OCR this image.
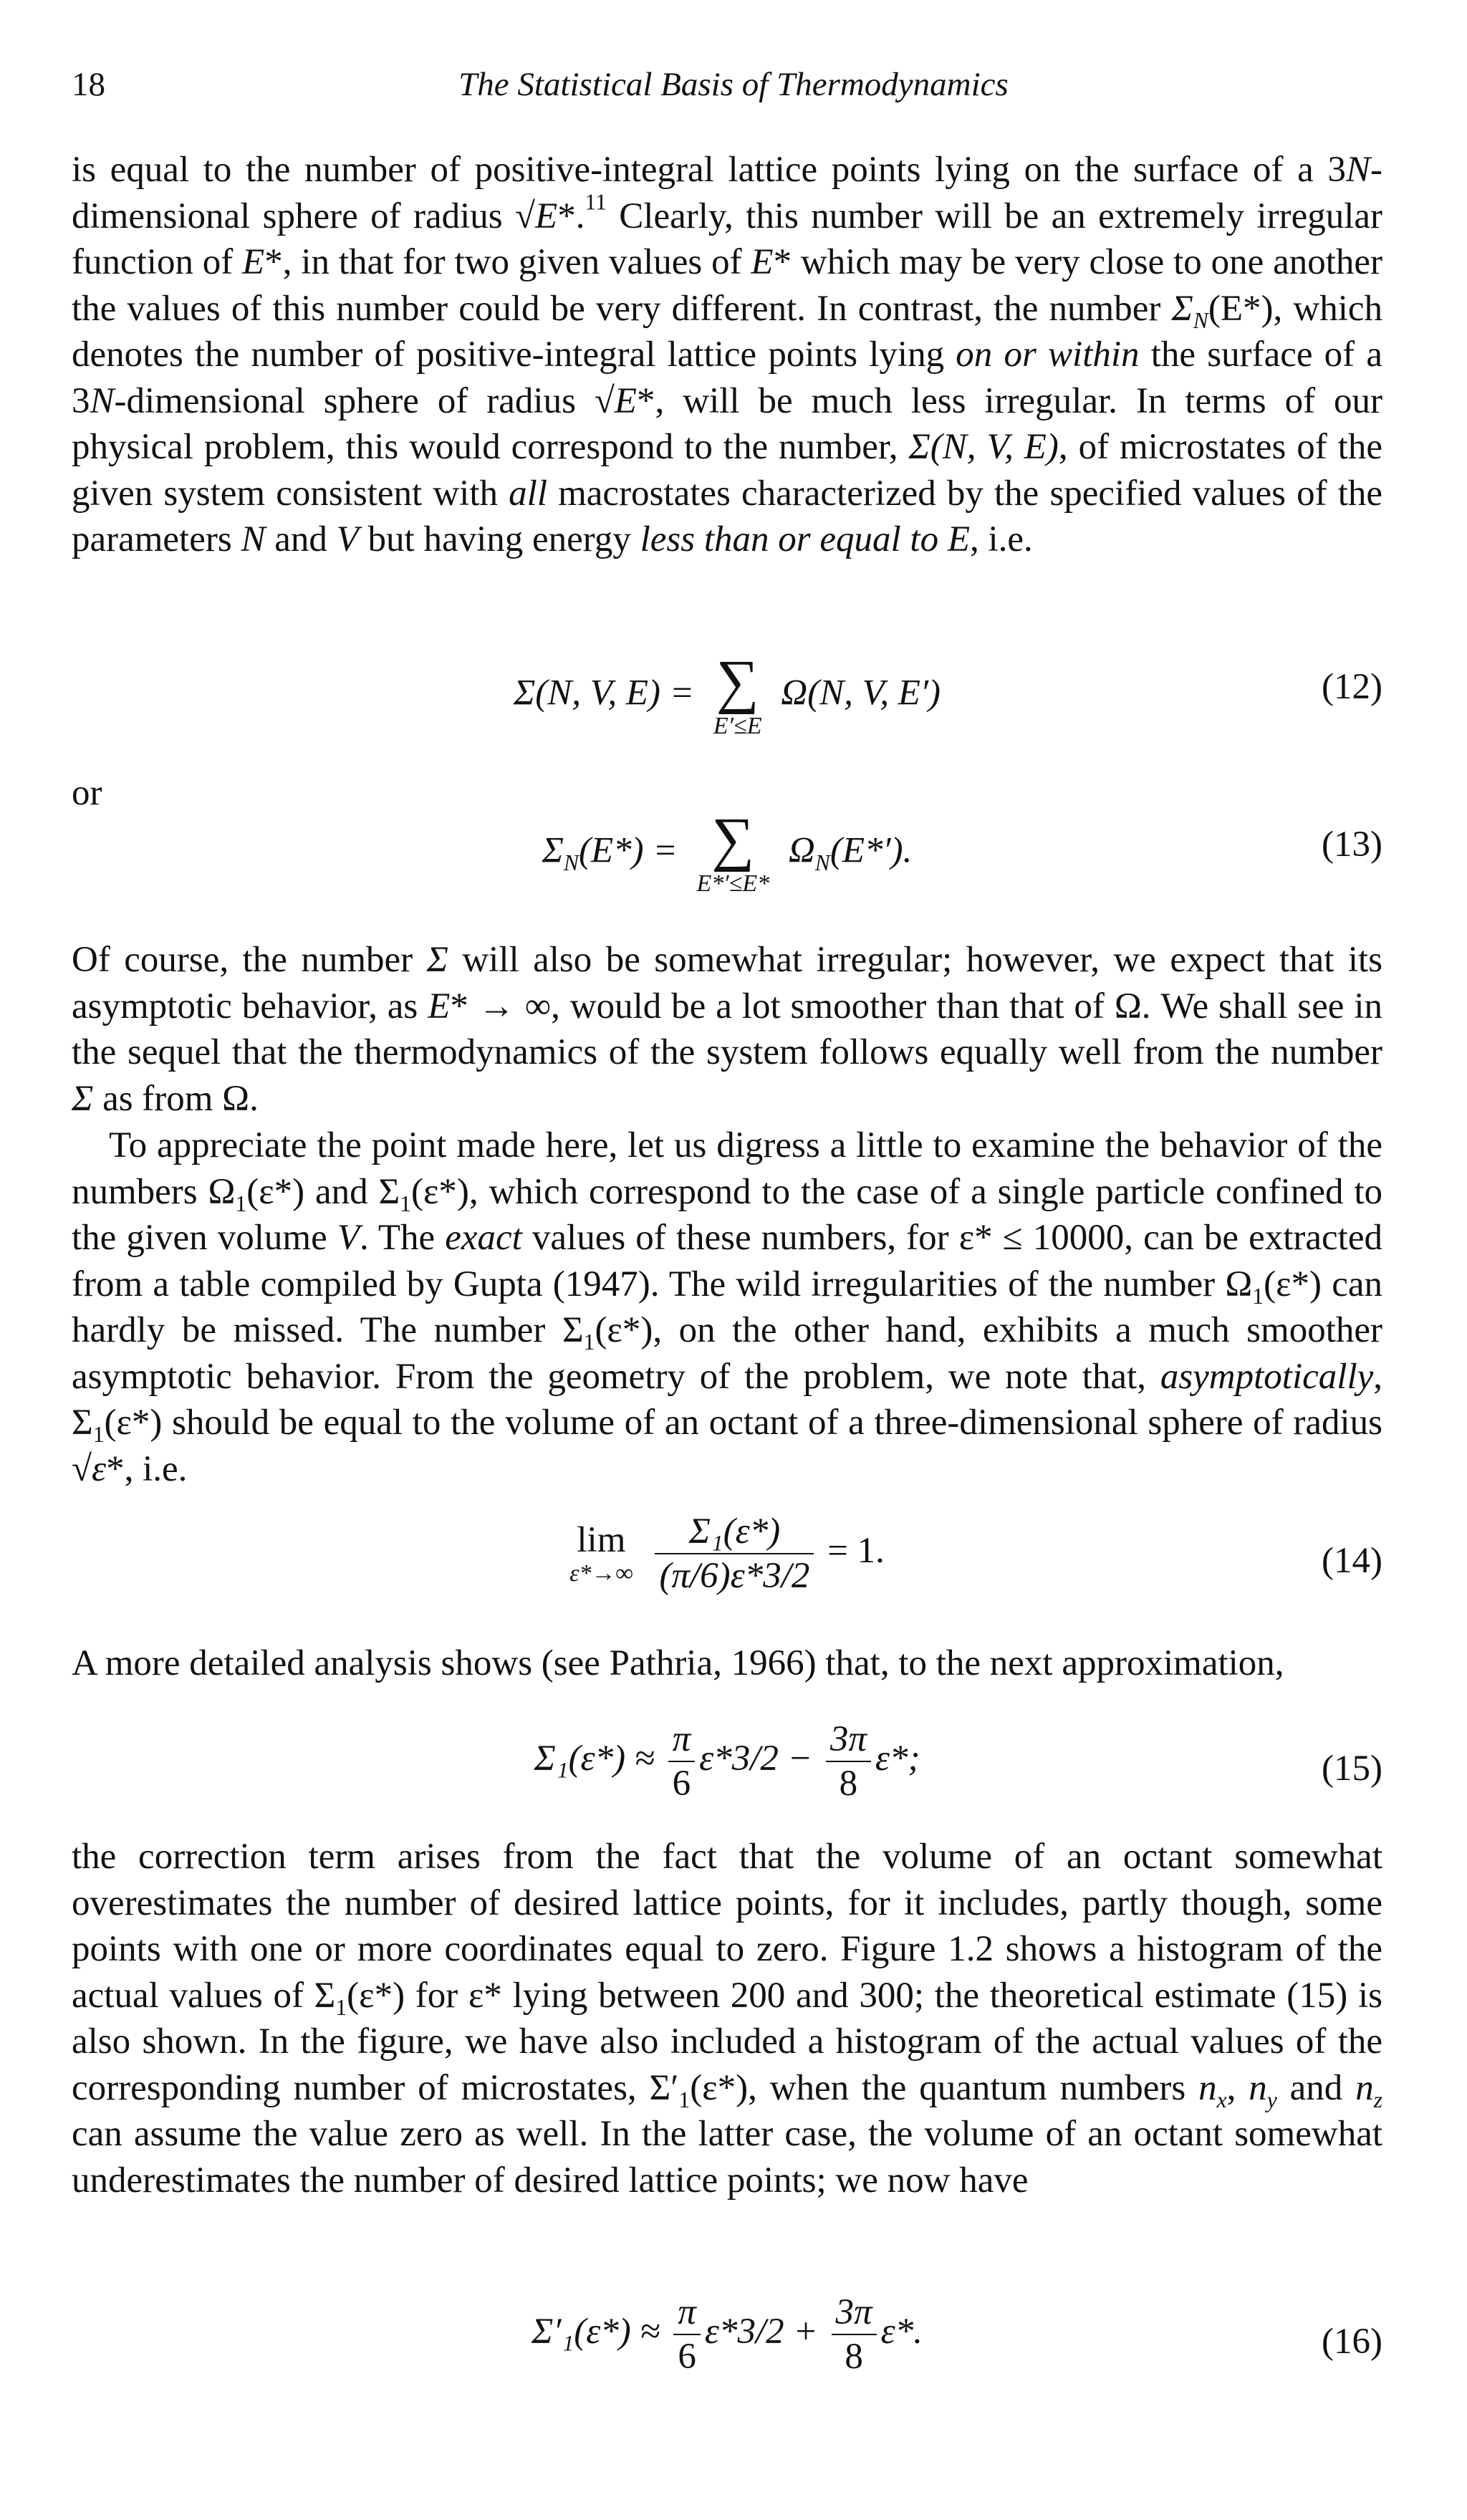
18	The Statistical Basis of Thermodynamics

is equal to the number of positive-integral lattice points lying on the surface of a 3N-dimensional sphere of radius √E*.$^{11}$ Clearly, this number will be an extremely irregular function of E*, in that for two given values of E* which may be very close to one another the values of this number could be very different. In contrast, the number $\Sigma_N(E*)$, which denotes the number of positive-integral lattice points lying on or within the surface of a 3N-dimensional sphere of radius √E*, will be much less irregular. In terms of our physical problem, this would correspond to the number, Σ(N, V, E), of microstates of the given system consistent with all macrostates characterized by the specified values of the parameters N and V but having energy less than or equal to E, i.e.

Σ(N, V, E) = ∑
E′≤E
Ω(N, V, E′)	(12)

or

$\Sigma_N(E*)$ = ∑
E*′≤E*
$\Omega_N(E*')$.	(13)

Of course, the number Σ will also be somewhat irregular; however, we expect that its asymptotic behavior, as E* → ∞, would be a lot smoother than that of Ω. We shall see in the sequel that the thermodynamics of the system follows equally well from the number Σ as from Ω.

To appreciate the point made here, let us digress a little to examine the behavior of the numbers $\Omega_1(\varepsilon*)$ and $\Sigma_1(\varepsilon*)$, which correspond to the case of a single particle confined to the given volume V. The exact values of these numbers, for ε* ≤ 10000, can be extracted from a table compiled by Gupta (1947). The wild irregularities of the number $\Omega_1(\varepsilon*)$ can hardly be missed. The number $\Sigma_1(\varepsilon*)$, on the other hand, exhibits a much smoother asymptotic behavior. From the geometry of the problem, we note that, asymptotically, $\Sigma_1(\varepsilon*)$ should be equal to the volume of an octant of a three-dimensional sphere of radius √ε*, i.e.

lim
ε*→∞
$\frac{\text{Σ₁(ε*)}}{(\pi/6)\varepsilon*3/2} = 1$.	(14)

A more detailed analysis shows (see Pathria, 1966) that, to the next approximation,

$\Sigma_1(\varepsilon*) \approx \frac{\pi}{6} \varepsilon*3/2 - \frac{3\pi}{8} \varepsilon*$;	(15)

the correction term arises from the fact that the volume of an octant somewhat overestimates the number of desired lattice points, for it includes, partly though, some points with one or more coordinates equal to zero. Figure 1.2 shows a histogram of the actual values of $\Sigma_1(\varepsilon*)$ for ε* lying between 200 and 300; the theoretical estimate (15) is also shown. In the figure, we have also included a histogram of the actual values of the corresponding number of microstates, $\Sigma'_1(\varepsilon*)$, when the quantum numbers $n_x$, $n_y$ and $n_z$ can assume the value zero as well. In the latter case, the volume of an octant somewhat underestimates the number of desired lattice points; we now have

$\Sigma'_1(\varepsilon*) \approx \frac{\pi}{6} \varepsilon*3/2 + \frac{3\pi}{8} \varepsilon*$.	(16)
